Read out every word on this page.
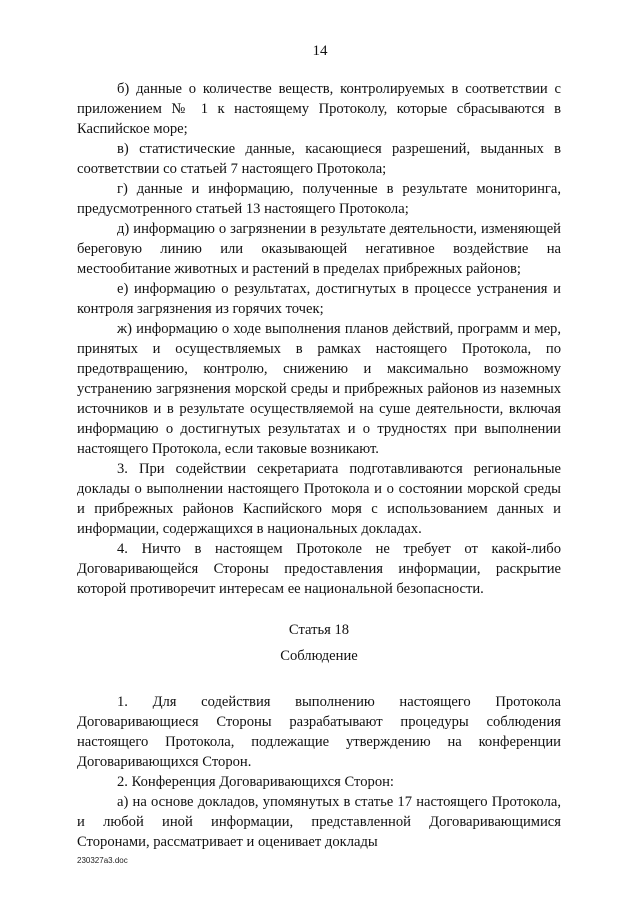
14

б) данные о количестве веществ, контролируемых в соответствии с приложением № 1 к настоящему Протоколу, которые сбрасываются в Каспийское море;

в) статистические данные, касающиеся разрешений, выданных в соответствии со статьей 7 настоящего Протокола;

г) данные и информацию, полученные в результате мониторинга, предусмотренного статьей 13 настоящего Протокола;

д) информацию о загрязнении в результате деятельности, изменяющей береговую линию или оказывающей негативное воздействие на местообитание животных и растений в пределах прибрежных районов;

е) информацию о результатах, достигнутых в процессе устранения и контроля загрязнения из горячих точек;

ж) информацию о ходе выполнения планов действий, программ и мер, принятых и осуществляемых в рамках настоящего Протокола, по предотвращению, контролю, снижению и максимально возможному устранению загрязнения морской среды и прибрежных районов из наземных источников и в результате осуществляемой на суше деятельности, включая информацию о достигнутых результатах и о трудностях при выполнении настоящего Протокола, если таковые возникают.

3. При содействии секретариата подготавливаются региональные доклады о выполнении настоящего Протокола и о состоянии морской среды и прибрежных районов Каспийского моря с использованием данных и информации, содержащихся в национальных докладах.

4. Ничто в настоящем Протоколе не требует от какой-либо Договаривающейся Стороны предоставления информации, раскрытие которой противоречит интересам ее национальной безопасности.

Статья 18

Соблюдение

1. Для содействия выполнению настоящего Протокола Договаривающиеся Стороны разрабатывают процедуры соблюдения настоящего Протокола, подлежащие утверждению на конференции Договаривающихся Сторон.

2. Конференция Договаривающихся Сторон:

а) на основе докладов, упомянутых в статье 17 настоящего Протокола, и любой иной информации, представленной Договаривающимися Сторонами, рассматривает и оценивает доклады

230327a3.doc
